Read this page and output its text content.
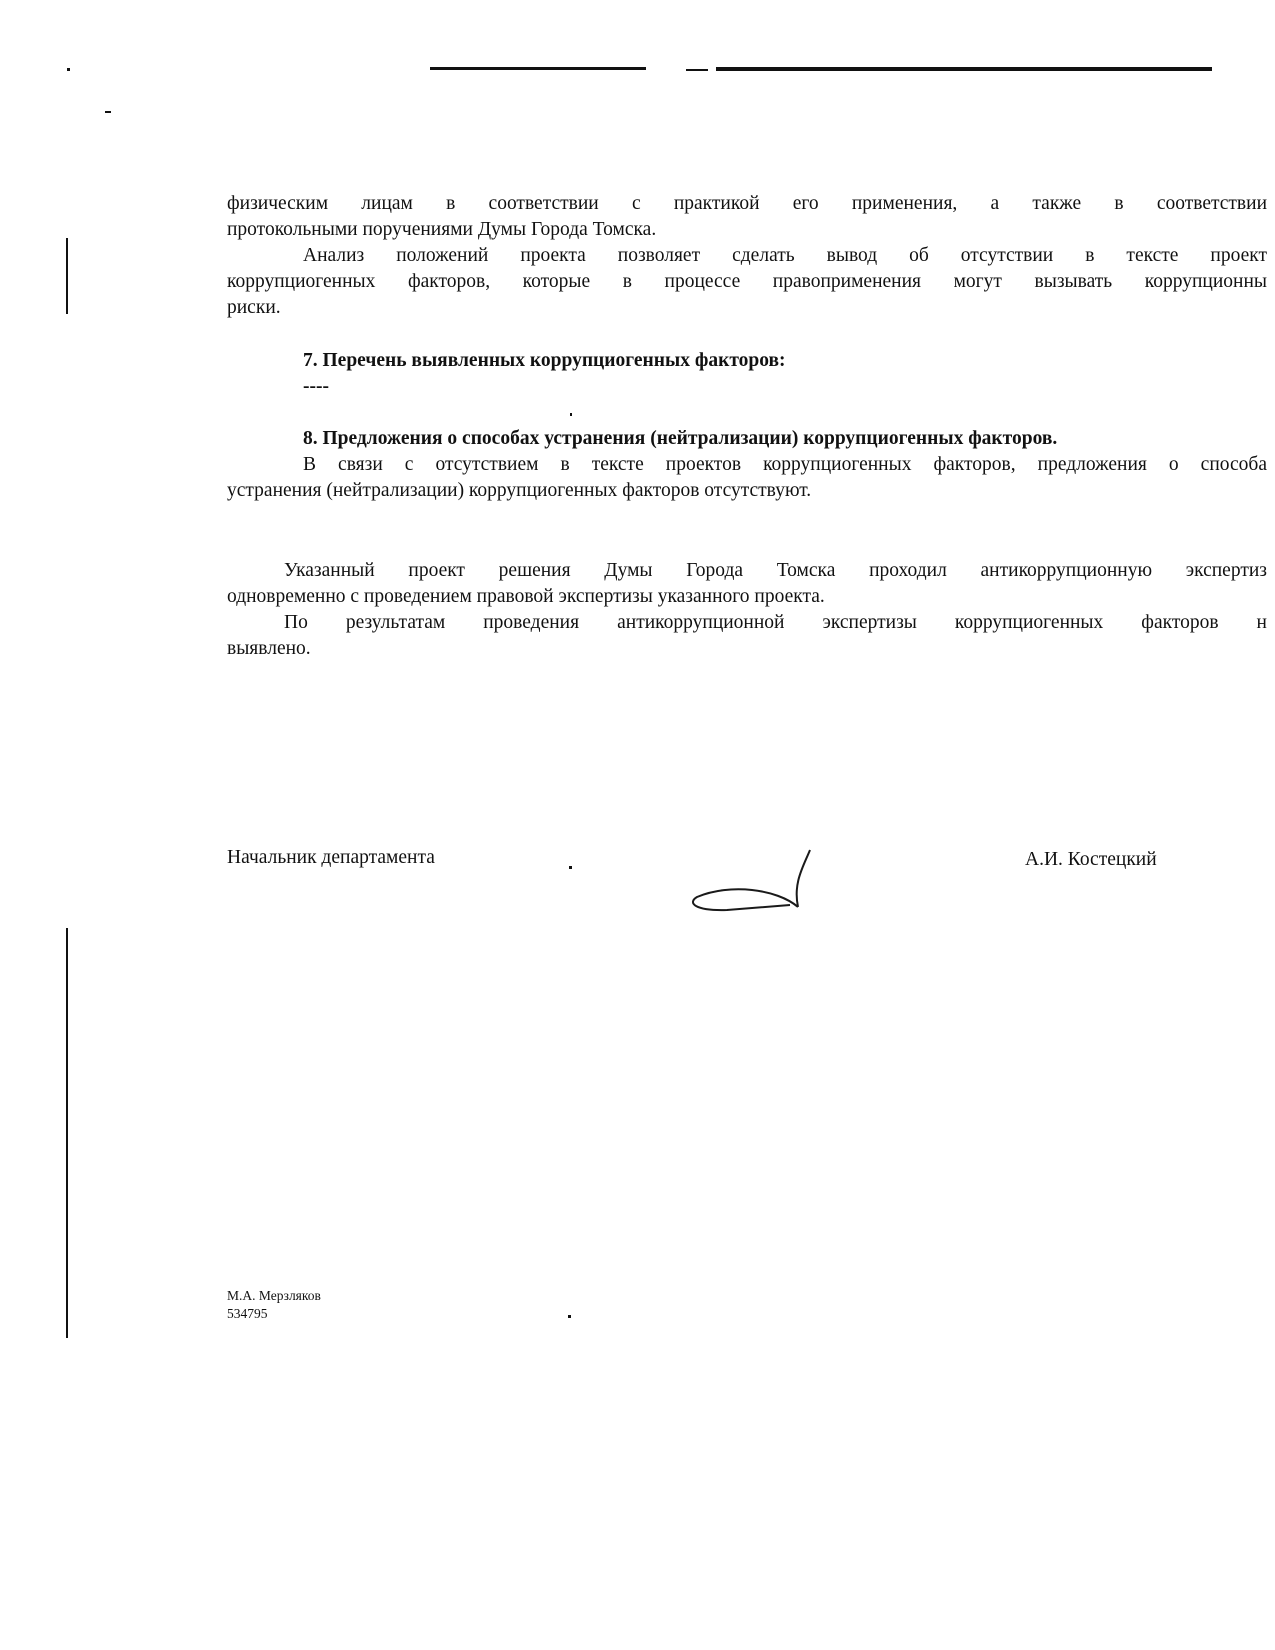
физическим лицам в соответствии с практикой его применения, а также в соответствии
протокольными поручениями Думы Города Томска.
Анализ положений проекта позволяет сделать вывод об отсутствии в тексте проект
коррупциогенных факторов, которые в процессе правоприменения могут вызывать коррупционны
риски.
7. Перечень выявленных коррупциогенных факторов:
----
8. Предложения о способах устранения (нейтрализации) коррупциогенных факторов.
В связи с отсутствием в тексте проектов коррупциогенных факторов, предложения о способа
устранения (нейтрализации) коррупциогенных факторов отсутствуют.
Указанный проект решения Думы Города Томска проходил антикоррупционную экспертиз
одновременно с проведением правовой экспертизы указанного проекта.
По результатам проведения антикоррупционной экспертизы коррупциогенных факторов н
выявлено.
Начальник департамента	А.И. Костецкий
М.А. Мерзляков
534795
